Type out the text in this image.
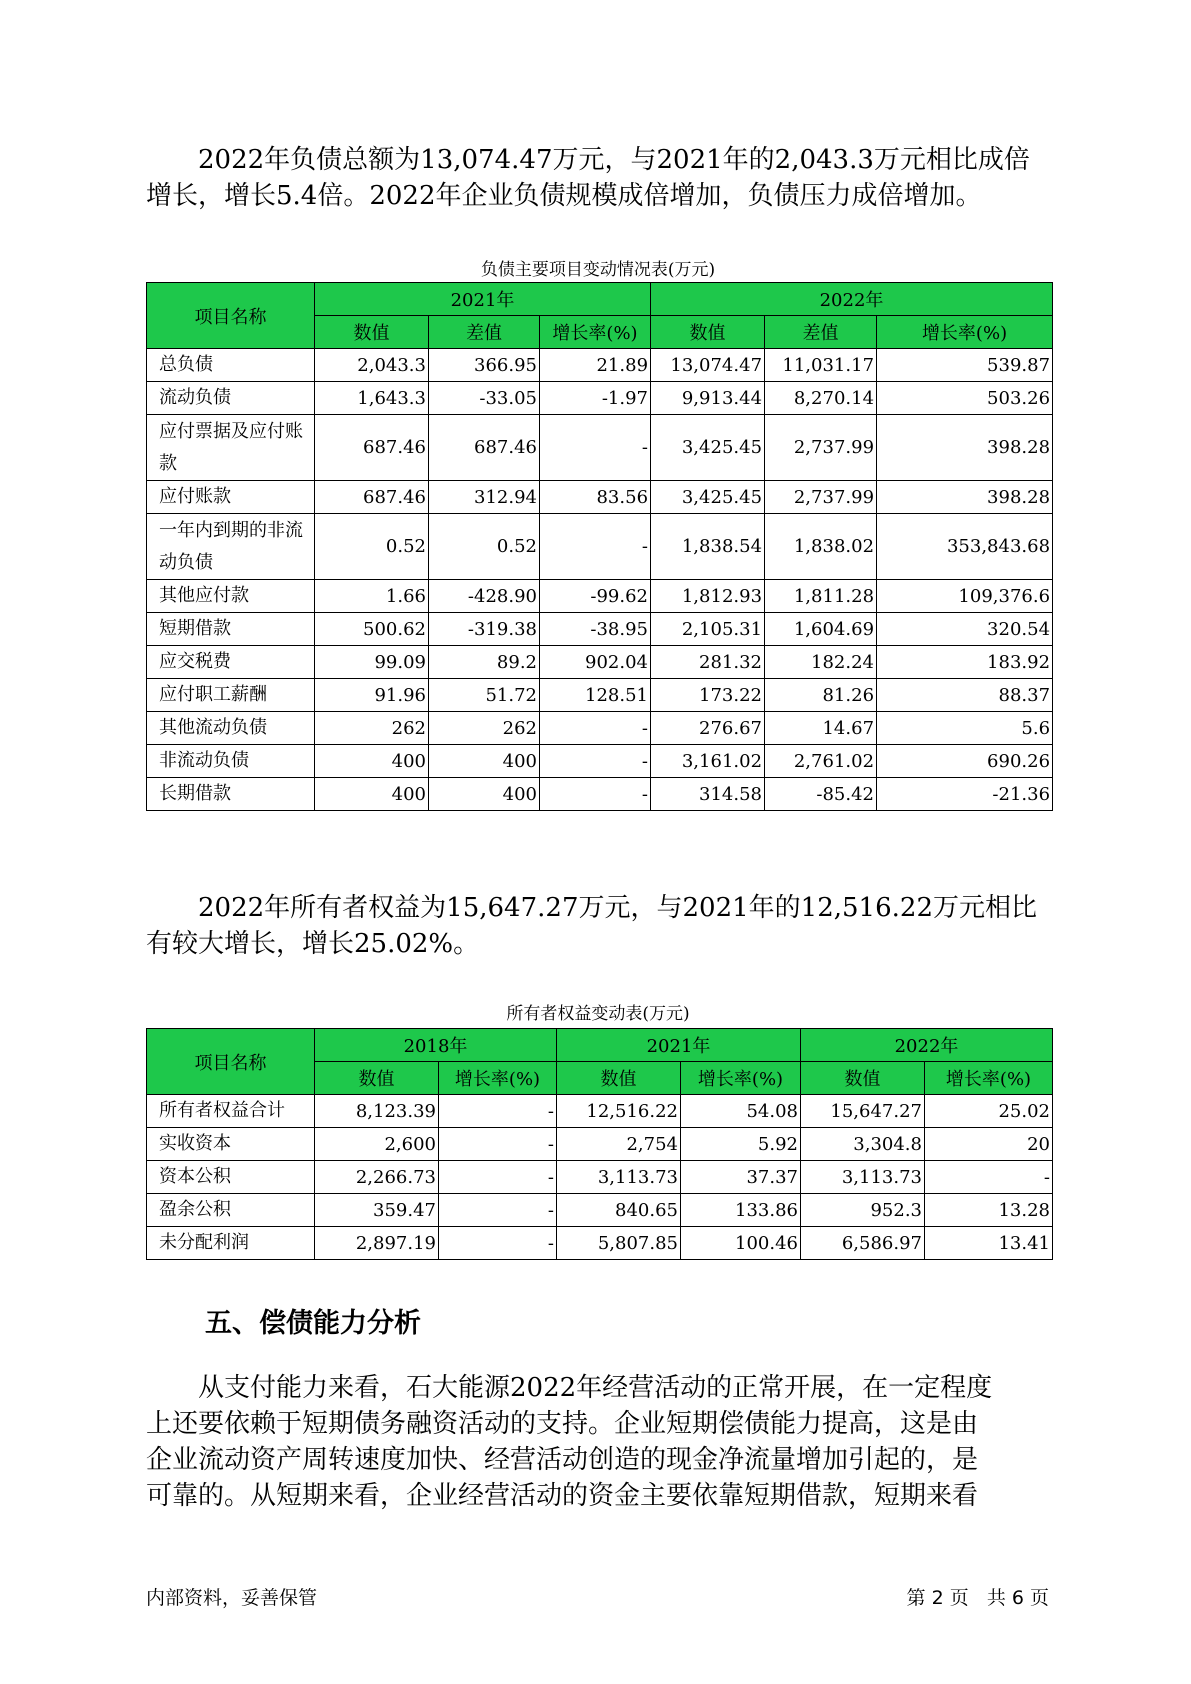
2022年负债总额为13,074.47万元，与2021年的2,043.3万元相比成倍
增长，增长5.4倍。2022年企业负债规模成倍增加，负债压力成倍增加。
负债主要项目变动情况表(万元)
项目名称	2021年			2022年		
	数值	差值	增长率(%)	数值	差值	增长率(%)
总负债	2,043.3	366.95	21.89	13,074.47	11,031.17	539.87
流动负债	1,643.3	-33.05	-1.97	9,913.44	8,270.14	503.26
应付票据及应付账款	687.46	687.46	-	3,425.45	2,737.99	398.28
应付账款	687.46	312.94	83.56	3,425.45	2,737.99	398.28
一年内到期的非流动负债	0.52	0.52	-	1,838.54	1,838.02	353,843.68
其他应付款	1.66	-428.90	-99.62	1,812.93	1,811.28	109,376.6
短期借款	500.62	-319.38	-38.95	2,105.31	1,604.69	320.54
应交税费	99.09	89.2	902.04	281.32	182.24	183.92
应付职工薪酬	91.96	51.72	128.51	173.22	81.26	88.37
其他流动负债	262	262	-	276.67	14.67	5.6
非流动负债	400	400	-	3,161.02	2,761.02	690.26
长期借款	400	400	-	314.58	-85.42	-21.36
2022年所有者权益为15,647.27万元，与2021年的12,516.22万元相比
有较大增长，增长25.02%。
所有者权益变动表(万元)
项目名称	2018年		2021年		2022年	
	数值	增长率(%)	数值	增长率(%)	数值	增长率(%)
所有者权益合计	8,123.39	-	12,516.22	54.08	15,647.27	25.02
实收资本	2,600	-	2,754	5.92	3,304.8	20
资本公积	2,266.73	-	3,113.73	37.37	3,113.73	-
盈余公积	359.47	-	840.65	133.86	952.3	13.28
未分配利润	2,897.19	-	5,807.85	100.46	6,586.97	13.41
五、偿债能力分析
从支付能力来看，石大能源2022年经营活动的正常开展，在一定程度
上还要依赖于短期债务融资活动的支持。企业短期偿债能力提高，这是由
企业流动资产周转速度加快、经营活动创造的现金净流量增加引起的，是
可靠的。从短期来看，企业经营活动的资金主要依靠短期借款，短期来看
内部资料，妥善保管	第 2 页   共 6 页
